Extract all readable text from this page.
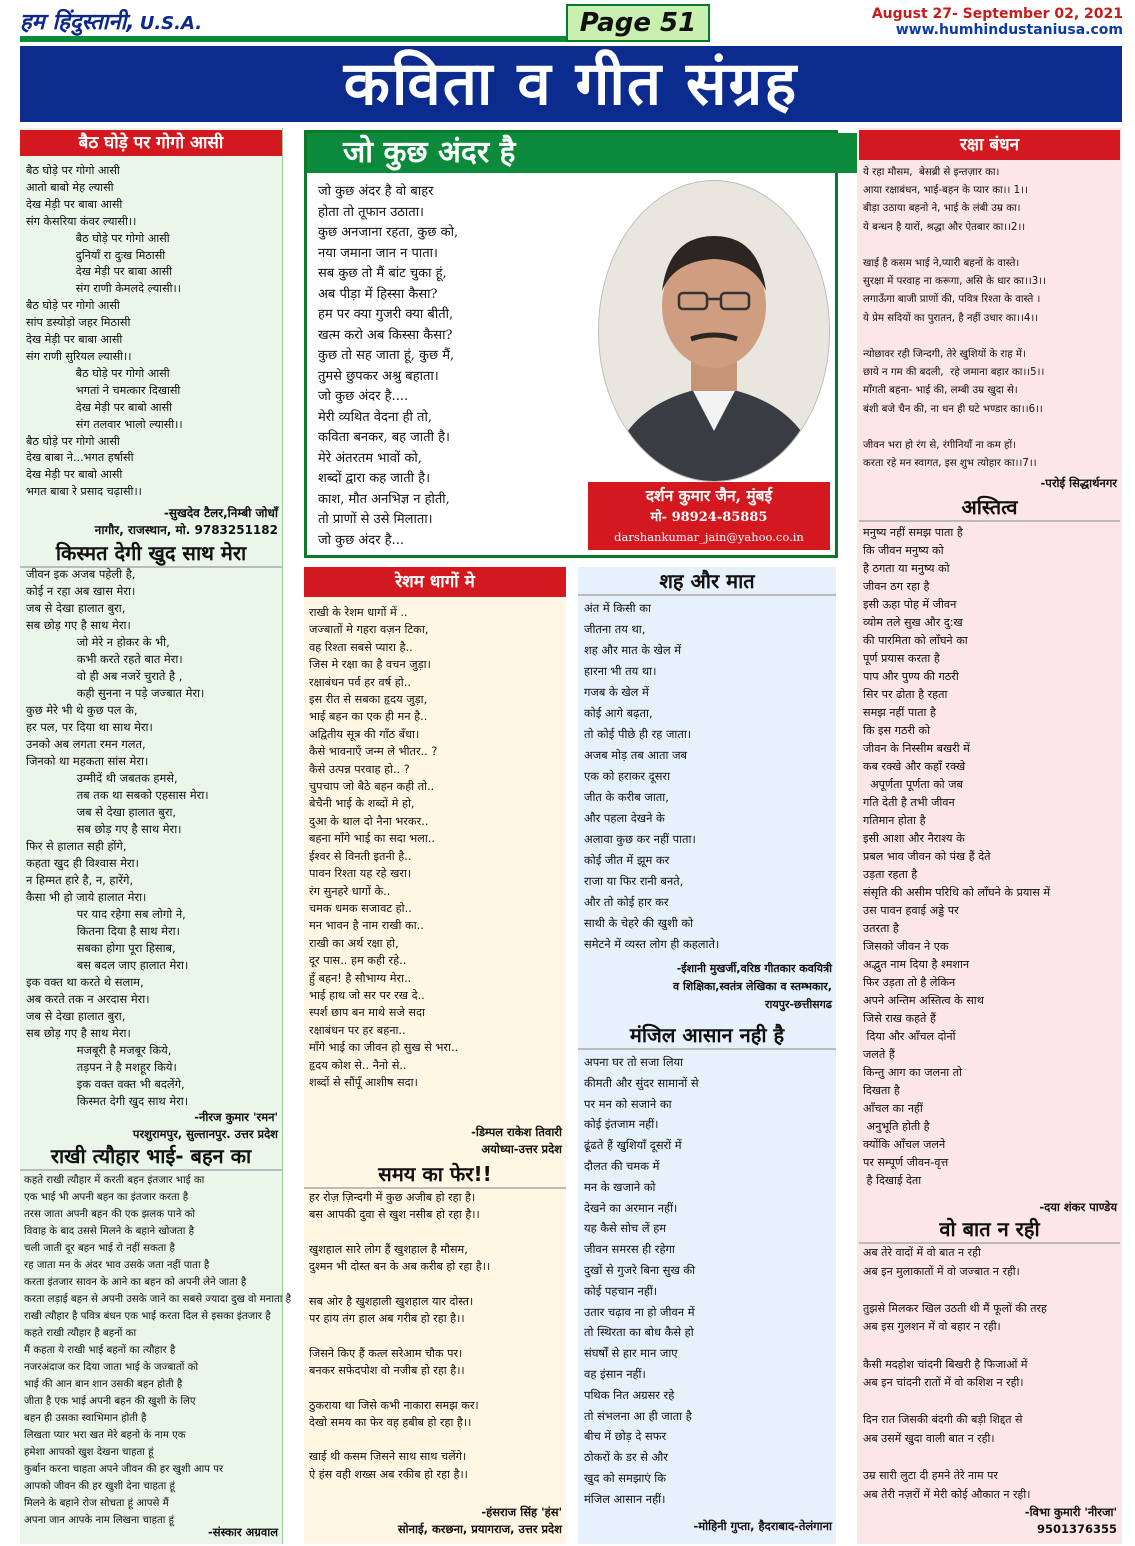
हम हिंदुस्तानी, U.S.A.	Page 51	August 27- September 02, 2021
www.humhindustaniusa.com
कविता व गीत संग्रह
बैठ घोड़े पर गोगो आसी
बैठ घोड़े पर गोगो आसी
आतो बाबो मेह ल्यासी
देख मेड़ी पर बाबा आसी
संग केसरिया कंवर ल्यासी।।
बैठ घोड़े पर गोगो आसी
दुनियाँ रा दुःख मिठासी
देख मेड़ी पर बाबा आसी
संग राणी केमलदे ल्यासी।।
बैठ घोड़े पर गोगो आसी
सांप डस्योड़ो जहर मिठासी
देख मेड़ी पर बाबा आसी
संग राणी सुरियल ल्यासी।।
बैठ घोड़े पर गोगो आसी
भगतां ने चमत्कार दिखासी
देख मेड़ी पर बाबो आसी
संग तलवार भालो ल्यासी।।
बैठ घोड़े पर गोगो आसी
देख बाबा ने...भगत हर्षासी
देख मेड़ी पर बाबो आसी
भगत बाबा रे प्रसाद चढ़ासी।।
-सुखदेव टैलर,निम्बी जोधाँ
नागौर, राजस्थान, मो. 9783251182
किस्मत देगी खुद साथ मेरा
जीवन इक अजब पहेली है,
कोई न रहा अब खास मेरा।
जब से देखा हालात बुरा,
सब छोड़ गए है साथ मेरा।
जो मेरे न होकर के भी,
कभी करते रहते बात मेरा।
वो ही अब नजरें चुराते है ,
कही सुनना न पड़े जज्बात मेरा।
कुछ मेरे भी थे कुछ पल के,
हर पल, पर दिया था साथ मेरा।
उनको अब लगता रमन गलत,
जिनको था महकता सांस मेरा।
उम्मीदें थी जबतक हमसे,
तब तक था सबको एहसास मेरा।
जब से देखा हालात बुरा,
सब छोड़ गए है साथ मेरा।
फिर से हालात सही होंगे,
कहता खुद ही विश्वास मेरा।
न हिम्मत हारे है, न, हारेंगे,
कैसा भी हो जाये हालात मेरा।
पर याद रहेगा सब लोगो ने,
कितना दिया है साथ मेरा।
सबका होगा पूरा हिसाब,
बस बदल जाए हालात मेरा।
इक वक्त था करते थे सलाम,
अब करते तक न अरदास मेरा।
जब से देखा हालात बुरा,
सब छोड़ गए है साथ मेरा।
मजबूरी है मजबूर किये,
तड़पन ने है मशहूर किये।
इक वक्त वक्त भी बदलेंगे,
किस्मत देगी खुद साथ मेरा।
-नीरज कुमार 'रमन'
परशुरामपुर, सुल्तानपुर. उत्तर प्रदेश
राखी त्यौहार भाई- बहन का
कहते राखी त्यौहार में करती बहन इंतजार भाई का
एक भाई भी अपनी बहन का इंतजार करता है
तरस जाता अपनी बहन की एक झलक पाने को
विवाह के बाद उससे मिलने के बहाने खोजता है
चली जाती दूर बहन भाई रो नहीं सकता है
रह जाता मन के अंदर भाव उसके जता नहीं पाता है
करता इंतजार सावन के आने का बहन को अपनी लेने जाता है
करता लड़ाई बहन से अपनी उसके जाने का सबसे ज्यादा दुख वो मनाता है
राखी त्यौहार है पवित्र बंधन एक भाई करता दिल से इसका इंतजार है
कहते राखी त्यौहार है बहनों का
मैं कहता ये राखी भाई बहनों का त्यौहार है
नजरअंदाज कर दिया जाता भाई के जज्बातों को
भाई की आन बान शान उसकी बहन होती है
जीता है एक भाई अपनी बहन की खुशी के लिए
बहन ही उसका स्वाभिमान होती है
लिखता प्यार भरा खत मेरे बहनो के नाम एक
हमेशा आपको खुश देखना चाहता हूं
कुर्बान करना चाहता अपने जीवन की हर खुशी आप पर
आपको जीवन की हर खुशी देना चाहता हूं
मिलने के बहाने रोज सोचता हूं आपसे मैं
अपना जान आपके नाम लिखना चाहता हूं
-संस्कार अग्रवाल
जो कुछ अंदर है
जो कुछ अंदर है वो बाहर
होता तो तूफान उठाता।
कुछ अनजाना रहता, कुछ को,
नया जमाना जान न पाता।
सब कुछ तो मैं बांट चुका हूं,
अब पीड़ा में हिस्सा कैसा?
हम पर क्या गुजरी क्या बीती,
खत्म करो अब किस्सा कैसा?
कुछ तो सह जाता हूं, कुछ मैं,
तुमसे छुपकर अश्रु बहाता।
जो कुछ अंदर है....
मेरी व्यथित वेदना ही तो,
कविता बनकर, बह जाती है।
मेरे अंतरतम भावों को,
शब्दों द्वारा कह जाती है।
काश, मौत अनभिज्ञ न होती,
तो प्राणों से उसे मिलाता।
जो कुछ अंदर है...
दर्शन कुमार जैन, मुंबई
मो- 98924-85885
darshankumar_jain@yahoo.co.in
रेशम धागों मे
राखी के रेशम धागों में ..
जज्बातों मे गहरा वज़न टिका,
वह रिश्ता सबसे प्यारा है..
जिस मे रक्षा का है वचन जुड़ा।
रक्षाबंधन पर्व हर वर्ष हो..
इस रीत से सबका हृदय जुड़ा,
भाई बहन का एक ही मन है..
अद्वितीय सूत्र की गाँठ बँधा।
कैसे भावनाएँ जन्म ले भीतर.. ?
कैसे उत्पन्न परवाह हो.. ?
चुपचाप जो बैठे बहन कही तो..
बेचैनी भाई के शब्दों मे हो,
दुआ के थाल दो नैना भरकर..
बहना माँगे भाई का सदा भला..
ईश्वर से विनती इतनी है..
पावन रिश्ता यह रहे खरा।
रंग सुनहरे धागों के..
चमक धमक सजावट हो..
मन भावन है नाम राखी का..
राखी का अर्थ रक्षा हो,
दूर पास.. हम कही रहे..
हुँ बहन! है सौभाग्य मेरा..
भाई हाथ जो सर पर रख दे..
स्पर्श छाप बन माथे सजे सदा
रक्षाबंधन पर हर बहना..
माँगे भाई का जीवन हो सुख से भरा..
हृदय कोश से.. नैनो से..
शब्दों से सौंपूँ आशीष सदा।
-डिम्पल राकेश तिवारी
अयोध्या-उत्तर प्रदेश
समय का फेर!!
हर रोज़ ज़िन्दगी में कुछ अजीब हो रहा है।
बस आपकी दुवा से खुश नसीब हो रहा है।।

खुशहाल सारे लोग हैं खुशहाल है मौसम,
दुश्मन भी दोस्त बन के अब करीब हो रहा है।।

सब ओर है खुशहाली खुशहाल यार दोस्त।
पर हाय तंग हाल अब गरीब हो रहा है।।

जिसने किए हैं कत्ल सरेआम चौक पर।
बनकर सफेदपोश वो नजीब हो रहा है।।

ठुकराया था जिसे कभी नाकारा समझ कर।
देखो समय का फेर वह हबीब हो रहा है।।

खाई थी कसम जिसने साथ साथ चलेंगे।
ऐ हंस वही शख्स अब रकीब हो रहा है।।
-हंसराज सिंह 'हंस'
सोनाई, करछना, प्रयागराज, उत्तर प्रदेश
शह और मात
अंत में किसी का
जीतना तय था,
शह और मात के खेल में
हारना भी तय था।
गजब के खेल में
कोई आगे बढ़ता,
तो कोई पीछे ही रह जाता।
अजब मोड़ तब आता जब
एक को हराकर दूसरा
जीत के करीब जाता,
और पहला देखने के
अलावा कुछ कर नहीं पाता।
कोई जीत में झूम कर
राजा या फिर रानी बनते,
और तो कोई हार कर
साथी के चेहरे की खुशी को
समेटने में व्यस्त लोग ही कहलाते।
-ईशानी मुखर्जी,वरिष्ठ गीतकार कवयित्री
व शिक्षिका,स्वतंत्र लेखिका व स्तम्भकार,
रायपुर-छत्तीसगढ
मंजिल आसान नही है
अपना घर तो सजा लिया
कीमती और सुंदर सामानों से
पर मन को सजाने का
कोई इंतजाम नहीं।
ढूंढते हैं खुशियाँ दूसरों में
दौलत की चमक में
मन के खजाने को
देखने का अरमान नहीं।
यह कैसे सोच लें हम
जीवन समरस ही रहेगा
दुखों से गुजरे बिना सुख की
कोई पहचान नहीं।
उतार चढ़ाव ना हो जीवन में
तो स्थिरता का बोध कैसे हो
संघर्षों से हार मान जाए
वह इंसान नहीं।
पथिक नित अग्रसर रहे
तो संभलना आ ही जाता है
बीच में छोड़ दे सफर
ठोकरों के डर से और
खुद को समझाएं कि
मंजिल आसान नहीं।
-मोहिनी गुप्ता, हैदराबाद-तेलंगाना
रक्षा बंधन
ये रहा मौसम,  बेसब्री से इन्तज़ार का।
आया रक्षाबंधन, भाई-बहन के प्यार का।। 1।।
बीड़ा उठाया बहनो ने, भाई के लंबी उम्र का।
ये बन्धन है यारों, श्रद्धा और ऐतबार का।।2।।

खाई है कसम भाई ने,प्यारी बहनों के वास्ते।
सुरक्षा में परवाह ना करूगा, असि के धार का।।3।।
लगाऊँगा बाजी प्राणों की, पवित्र रिश्ता के वास्ते ।
ये प्रेम सदियों का पुरातन, है नहीं उधार का।।4।।

न्योछावर रही जिन्दगी, तेरे खुशियों के राह में।
छाये न गम की बदली,  रहे जमाना बहार का।।5।।
माँगती बहना- भाई की, लम्बी उम्र खुदा से।
बंशी बजे चैन की, ना धन ही घटे भण्डार का।।6।।

जीवन भरा हो रंग से, रंगीनियाँ ना कम हों।
करता रहे मन स्वागत, इस शुभ त्योहार का।।7।।
-परोई सिद्धार्थनगर
अस्तित्व
मनुष्य नहीं समझ पाता है
कि जीवन मनुष्य को
है ठगता या मनुष्य को
जीवन ठग रहा है
इसी ऊहा पोह में जीवन
व्योम तले सुख और दु:ख
की पारमिता को लाँघने का
पूर्ण प्रयास करता है
पाप और पुण्य की गठरी
सिर पर ढोता है रहता
समझ नहीं पाता है
कि इस गठरी को
जीवन के निस्सीम बखरी में
कब रक्खे और कहाँ रक्खे
अपूर्णता पूर्णता को जब
गति देती है तभी जीवन
गतिमान होता है
इसी आशा और नैराश्य के
प्रबल भाव जीवन को पंख हैं देते
उड़ता रहता है
संसृति की असीम परिधि को लाँघने के प्रयास में
उस पावन हवाई अड्डे पर
उतरता है
जिसको जीवन ने एक
अद्भुत नाम दिया है श्मशान
फिर उड़ता तो है लेकिन
अपने अन्तिम अस्तित्व के साथ
जिसे राख कहते हैं
दिया और आँचल दोनों
जलते हैं
किन्तु आग का जलना तो
दिखता है
आँचल का नहीं
अनुभूति होती है
क्योंकि आँचल जलने
पर सम्पूर्ण जीवन-वृत्त
है दिखाई देता
-दया शंकर पाण्डेय
वो बात न रही
अब तेरे वादों में वो बात न रही
अब इन मुलाकातों में वो जज्बात न रही।

तुझसे मिलकर खिल उठती थी मैं फूलों की तरह
अब इस गुलशन में वो बहार न रही।

कैसी मदहोश चांदनी बिखरी है फिजाओं में
अब इन चांदनी रातों में वो कशिश न रही।

दिन रात जिसकी बंदगी की बड़ी शिद्दत से
अब उसमें खुदा वाली बात न रही।

उम्र सारी लुटा दी हमने तेरे नाम पर
अब तेरी नज़रों में मेरी कोई औकात न रही।
-विभा कुमारी 'नीरजा'
9501376355
